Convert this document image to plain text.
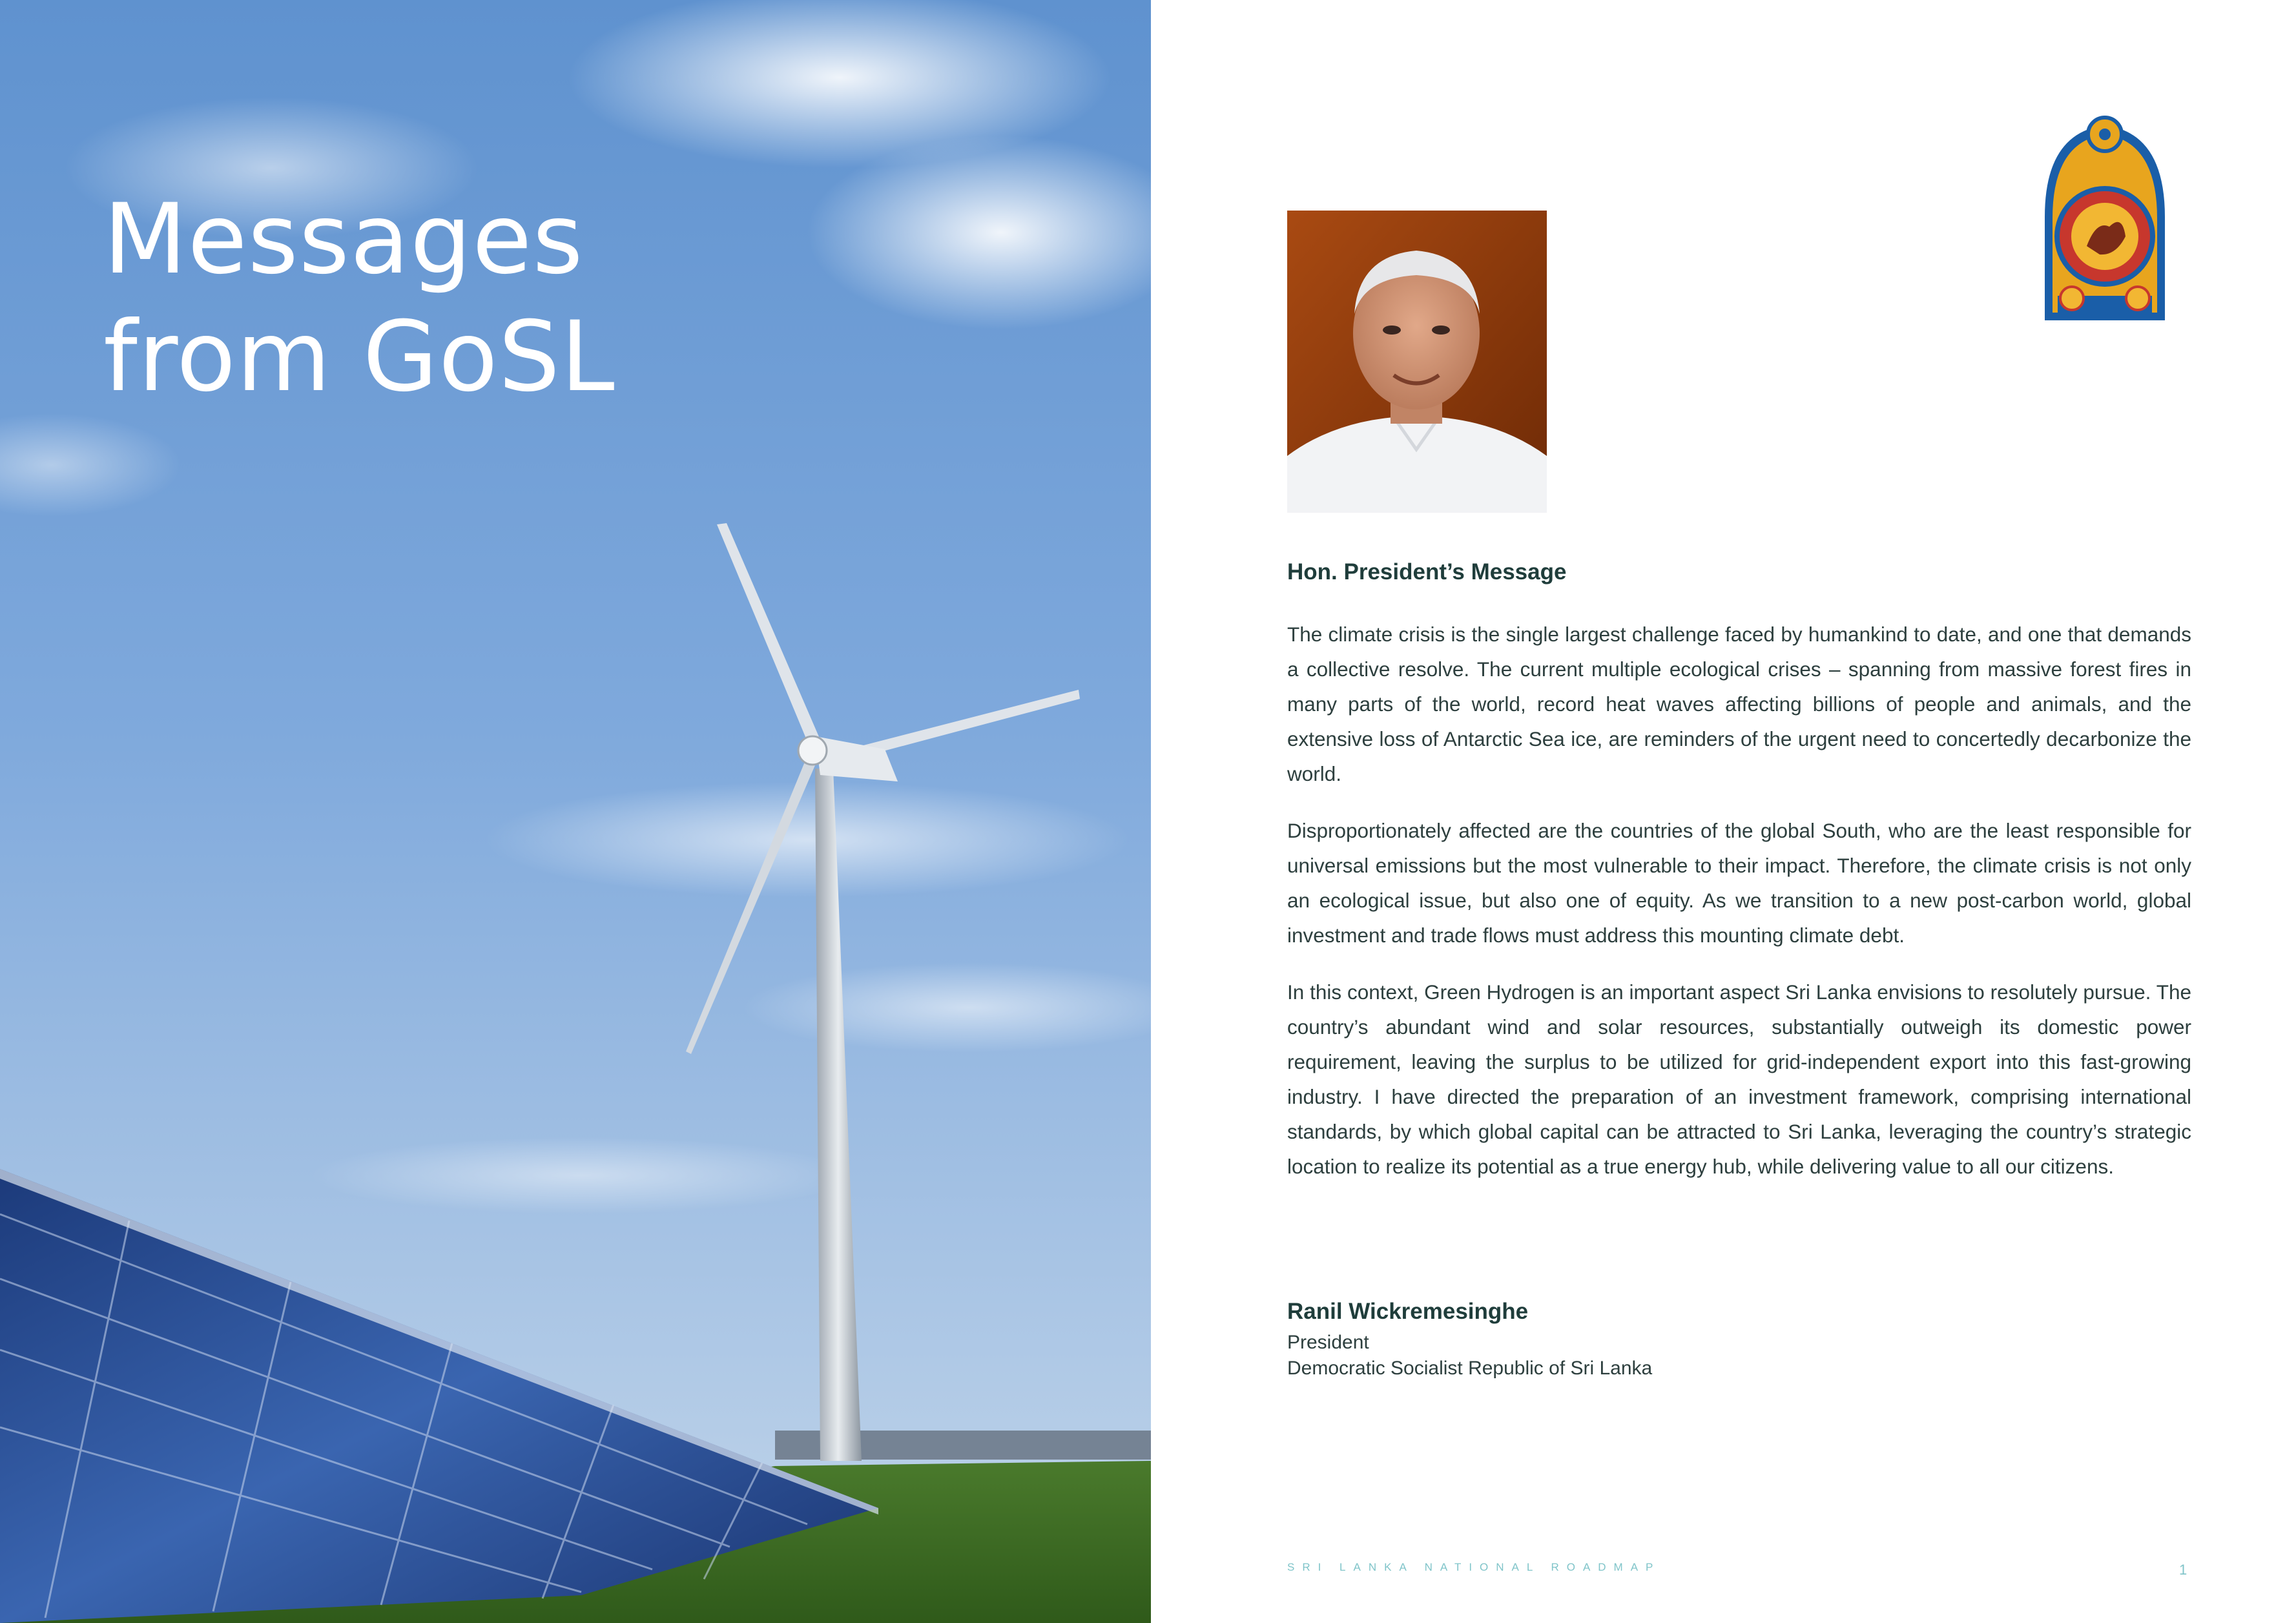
Messages
from GoSL
Hon. President’s Message

The climate crisis is the single largest challenge faced by humankind to date, and one that demands a collective resolve. The current multiple ecological crises – spanning from massive forest fires in many parts of the world, record heat waves affecting billions of people and animals, and the extensive loss of Antarctic Sea ice, are reminders of the urgent need to concertedly decarbonize the world.

Disproportionately affected are the countries of the global South, who are the least responsible for universal emissions but the most vulnerable to their impact. Therefore, the climate crisis is not only an ecological issue, but also one of equity. As we transition to a new post-carbon world, global investment and trade flows must address this mounting climate debt.

In this context, Green Hydrogen is an important aspect Sri Lanka envisions to resolutely pursue. The country’s abundant wind and solar resources, substantially outweigh its domestic power requirement, leaving the surplus to be utilized for grid-independent export into this fast-growing industry. I have directed the preparation of an investment framework, comprising international standards, by which global capital can be attracted to Sri Lanka, leveraging the country’s strategic location to realize its potential as a true energy hub, while delivering value to all our citizens.

Ranil Wickremesinghe
President
Democratic Socialist Republic of Sri Lanka
SRI LANKA NATIONAL ROADMAP	1
